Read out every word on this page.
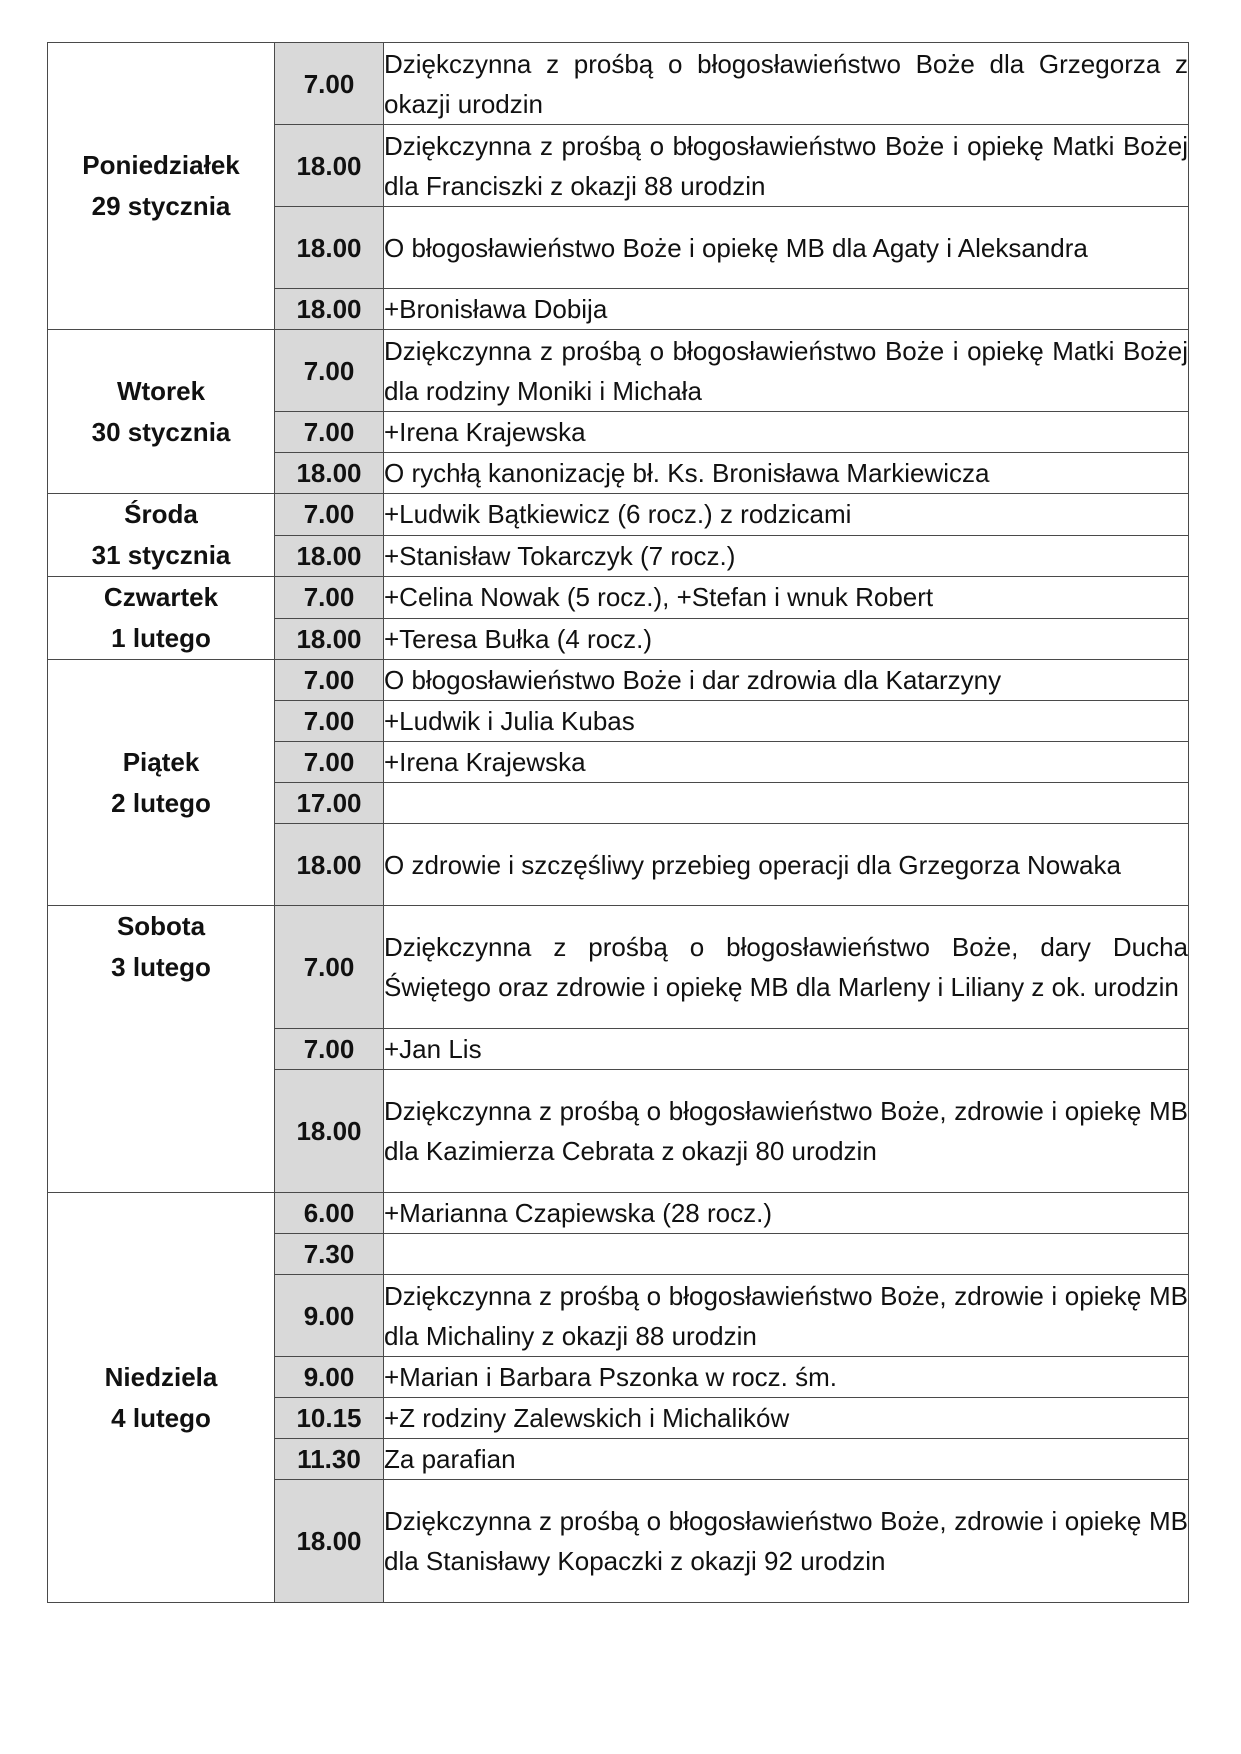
Poniedziałek
29 stycznia	7.00	Dziękczynna z prośbą o błogosławieństwo Boże dla Grzegorza z okazji urodzin
	18.00	Dziękczynna z prośbą o błogosławieństwo Boże i opiekę Matki Bożej dla Franciszki z okazji 88 urodzin
	18.00	O błogosławieństwo Boże i opiekę MB dla Agaty i Aleksandra
	18.00	+Bronisława Dobija

Wtorek
30 stycznia	7.00	Dziękczynna z prośbą o błogosławieństwo Boże i opiekę Matki Bożej dla rodziny Moniki i Michała
	7.00	+Irena Krajewska
	18.00	O rychłą kanonizację bł. Ks. Bronisława Markiewicza

Środa
31 stycznia	7.00	+Ludwik Bątkiewicz (6 rocz.) z rodzicami
	18.00	+Stanisław Tokarczyk (7 rocz.)

Czwartek
1 lutego	7.00	+Celina Nowak (5 rocz.), +Stefan i wnuk Robert
	18.00	+Teresa Bułka (4 rocz.)

Piątek
2 lutego	7.00	O błogosławieństwo Boże i dar zdrowia dla Katarzyny
	7.00	+Ludwik i Julia Kubas
	7.00	+Irena Krajewska
	17.00	
	18.00	O zdrowie i szczęśliwy przebieg operacji dla Grzegorza Nowaka

Sobota
3 lutego	7.00	Dziękczynna z prośbą o błogosławieństwo Boże, dary Ducha Świętego oraz zdrowie i opiekę MB dla Marleny i Liliany z ok. urodzin
	7.00	+Jan Lis
	18.00	Dziękczynna z prośbą o błogosławieństwo Boże, zdrowie i opiekę MB dla Kazimierza Cebrata z okazji 80 urodzin

Niedziela
4 lutego	6.00	+Marianna Czapiewska (28 rocz.)
	7.30	
	9.00	Dziękczynna z prośbą o błogosławieństwo Boże, zdrowie i opiekę MB dla Michaliny z okazji 88 urodzin
	9.00	+Marian i Barbara Pszonka w rocz. śm.
	10.15	+Z rodziny Zalewskich i Michalików
	11.30	Za parafian
	18.00	Dziękczynna z prośbą o błogosławieństwo Boże, zdrowie i opiekę MB dla Stanisławy Kopaczki z okazji 92 urodzin
